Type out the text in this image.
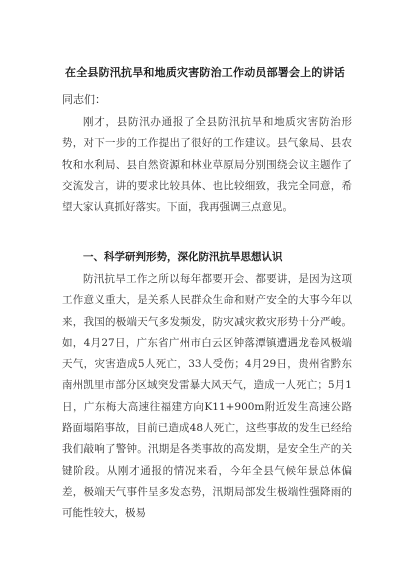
在全县防汛抗旱和地质灾害防治工作动员部署会上的讲话
同志们：

刚才，县防汛办通报了全县防汛抗旱和地质灾害防治形势，对下一步的工作提出了很好的工作建议。县气象局、县农牧和水利局、县自然资源和林业草原局分别围绕会议主题作了交流发言，讲的要求比较具体、也比较细致，我完全同意，希望大家认真抓好落实。下面，我再强调三点意见。

一、科学研判形势，深化防汛抗旱思想认识

防汛抗旱工作之所以每年都要开会、都要讲，是因为这项工作意义重大，是关系人民群众生命和财产安全的大事今年以来，我国的极端天气多发频发，防灾减灾救灾形势十分严峻。如，4月27日，广东省广州市白云区钟落潭镇遭遇龙卷风极端天气，灾害造成5人死亡，33人受伤；4月29日，贵州省黔东南州凯里市部分区域突发雷暴大风天气，造成一人死亡；5月1日，广东梅大高速往福建方向K11+900m附近发生高速公路路面塌陷事故，目前已造成48人死亡，这些事故的发生已经给我们敲响了警钟。汛期是各类事故的高发期，是安全生产的关键阶段。从刚才通报的情况来看，今年全县气候年景总体偏差，极端天气事件呈多发态势，汛期局部发生极端性强降雨的可能性较大，极易
